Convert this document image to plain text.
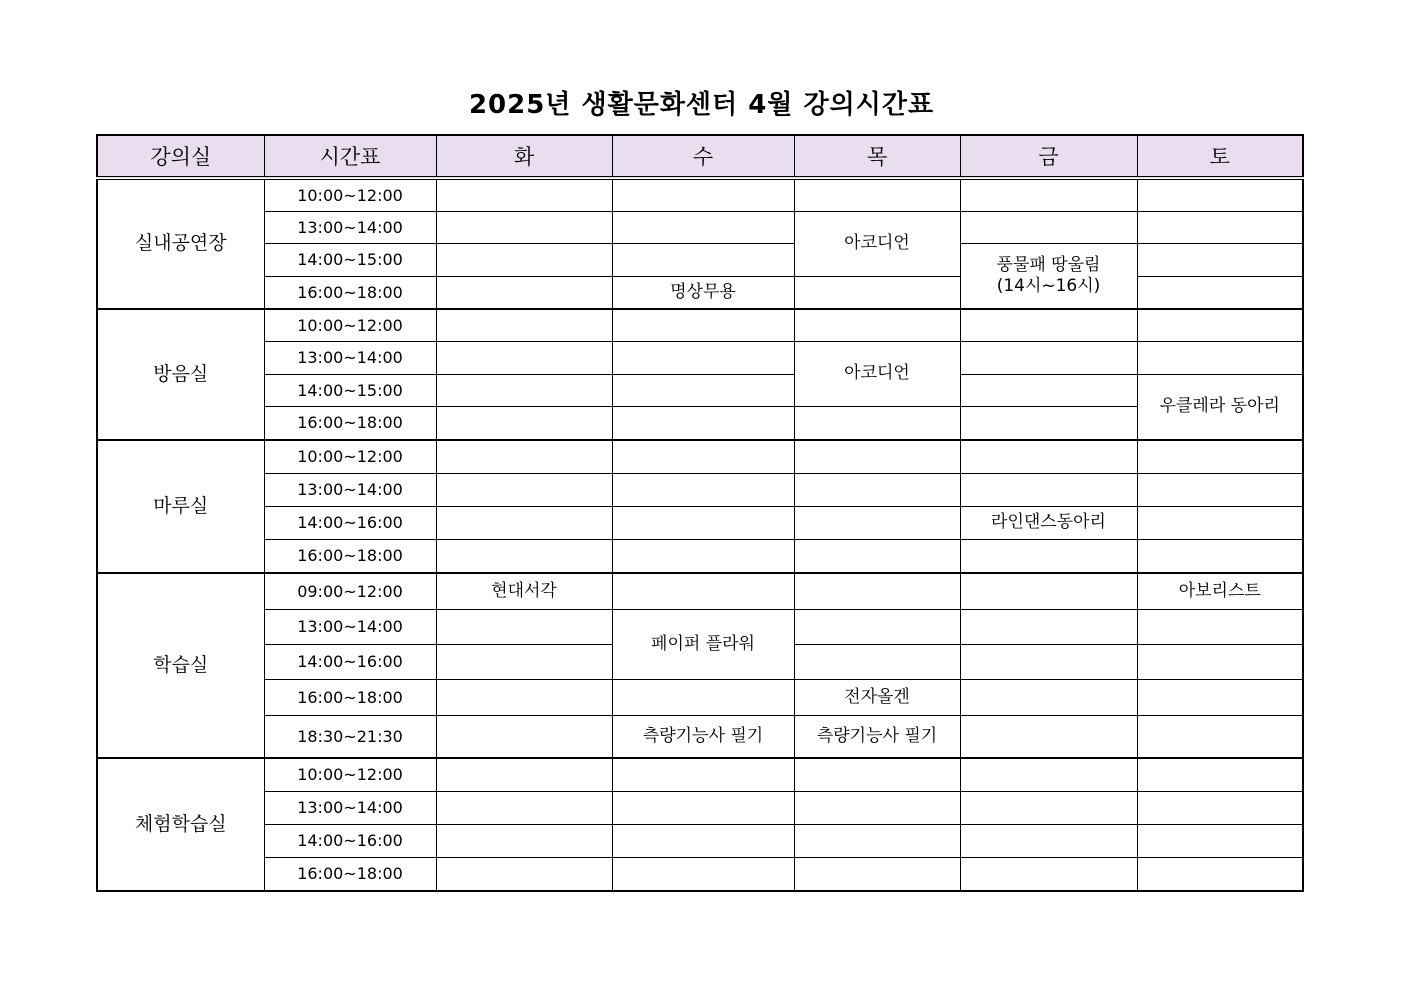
2025년 생활문화센터 4월 강의시간표
강의실	시간표	화	수	목	금	토
실내공연장	10:00~12:00					
	13:00~14:00			아코디언		
	14:00~15:00				풍물패 땅울림
(14시~16시)	

	16:00~18:00		명상무용			
방음실	10:00~12:00					
	13:00~14:00			아코디언		
	14:00~15:00					우클레라 동아리
	16:00~18:00					
마루실	10:00~12:00					
	13:00~14:00					
	14:00~16:00				라인댄스동아리	
	16:00~18:00					
학습실	09:00~12:00	현대서각				아보리스트
	13:00~14:00		페이퍼 플라워			
	14:00~16:00					
	16:00~18:00			전자올겐		
	18:30~21:30		측량기능사 필기	측량기능사 필기		
체험학습실	10:00~12:00					
	13:00~14:00					
	14:00~16:00					
	16:00~18:00					
